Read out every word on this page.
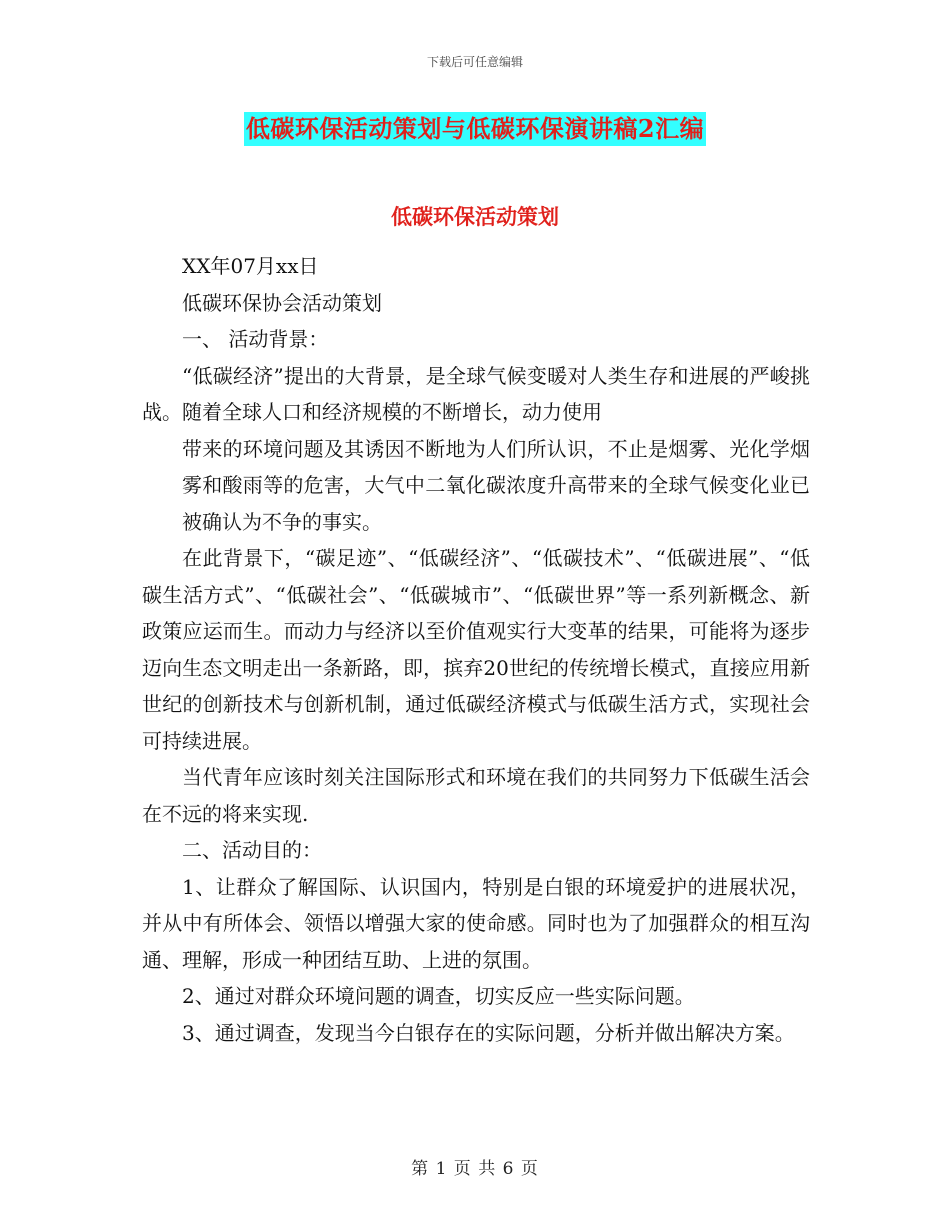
下载后可任意编辑
低碳环保活动策划与低碳环保演讲稿2汇编
低碳环保活动策划

XX年07月xx日

低碳环保协会活动策划

一、 活动背景：

“低碳经济”提出的大背景，是全球气候变暖对人类生存和进展的严峻挑战。随着全球人口和经济规模的不断增长，动力使用

带来的环境问题及其诱因不断地为人们所认识，不止是烟雾、光化学烟雾和酸雨等的危害，大气中二氧化碳浓度升高带来的全球气候变化业已被确认为不争的事实。

在此背景下，“碳足迹”、“低碳经济”、“低碳技术”、“低碳进展”、“低碳生活方式”、“低碳社会”、“低碳城市”、“低碳世界”等一系列新概念、新政策应运而生。而动力与经济以至价值观实行大变革的结果，可能将为逐步迈向生态文明走出一条新路，即，摈弃20世纪的传统增长模式，直接应用新世纪的创新技术与创新机制，通过低碳经济模式与低碳生活方式，实现社会可持续进展。

当代青年应该时刻关注国际形式和环境在我们的共同努力下低碳生活会在不远的将来实现.

二、活动目的：

1、让群众了解国际、认识国内，特别是白银的环境爱护的进展状况，并从中有所体会、领悟以增强大家的使命感。同时也为了加强群众的相互沟通、理解，形成一种团结互助、上进的氛围。

2、通过对群众环境问题的调查，切实反应一些实际问题。

3、通过调查，发现当今白银存在的实际问题，分析并做出解决方案。

第 1 页 共 6 页
